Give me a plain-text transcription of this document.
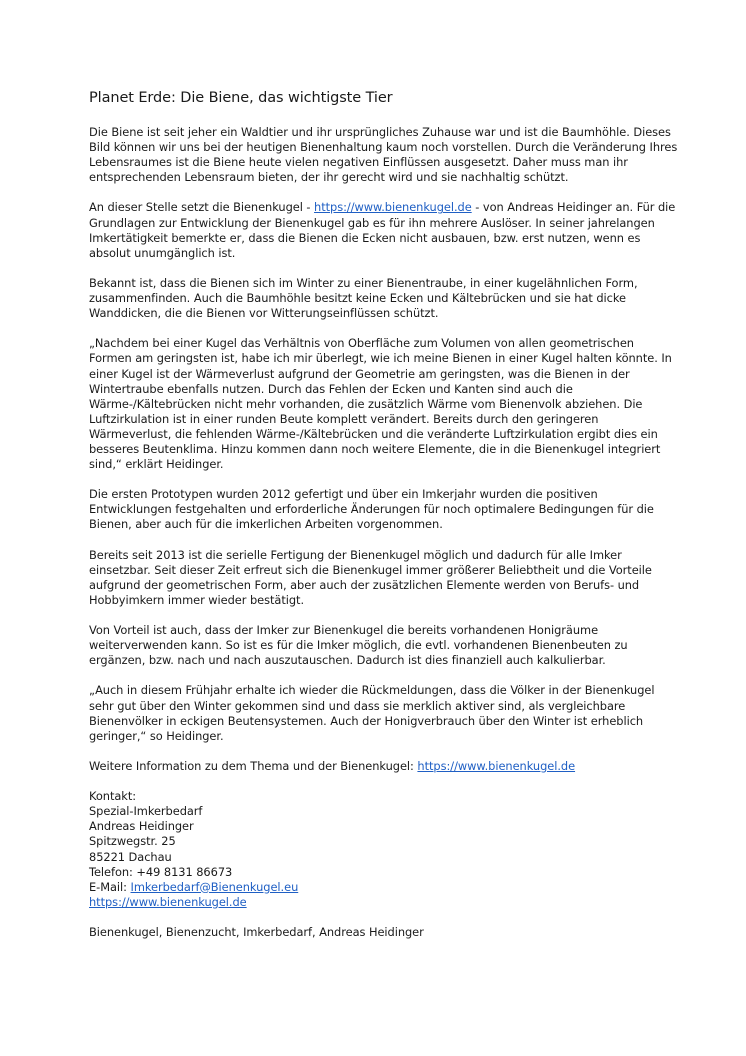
Planet Erde: Die Biene, das wichtigste Tier

Die Biene ist seit jeher ein Waldtier und ihr ursprüngliches Zuhause war und ist die Baumhöhle. Dieses Bild können wir uns bei der heutigen Bienenhaltung kaum noch vorstellen. Durch die Veränderung Ihres Lebensraumes ist die Biene heute vielen negativen Einflüssen ausgesetzt. Daher muss man ihr entsprechenden Lebensraum bieten, der ihr gerecht wird und sie nachhaltig schützt.

An dieser Stelle setzt die Bienenkugel - https://www.bienenkugel.de - von Andreas Heidinger an. Für die Grundlagen zur Entwicklung der Bienenkugel gab es für ihn mehrere Auslöser. In seiner jahrelangen Imkertätigkeit bemerkte er, dass die Bienen die Ecken nicht ausbauen, bzw. erst nutzen, wenn es absolut unumgänglich ist.

Bekannt ist, dass die Bienen sich im Winter zu einer Bienentraube, in einer kugelähnlichen Form, zusammenfinden. Auch die Baumhöhle besitzt keine Ecken und Kältebrücken und sie hat dicke Wanddicken, die die Bienen vor Witterungseinflüssen schützt.

„Nachdem bei einer Kugel das Verhältnis von Oberfläche zum Volumen von allen geometrischen Formen am geringsten ist, habe ich mir überlegt, wie ich meine Bienen in einer Kugel halten könnte. In einer Kugel ist der Wärmeverlust aufgrund der Geometrie am geringsten, was die Bienen in der Wintertraube ebenfalls nutzen. Durch das Fehlen der Ecken und Kanten sind auch die Wärme-/Kältebrücken nicht mehr vorhanden, die zusätzlich Wärme vom Bienenvolk abziehen. Die Luftzirkulation ist in einer runden Beute komplett verändert. Bereits durch den geringeren Wärmeverlust, die fehlenden Wärme-/Kältebrücken und die veränderte Luftzirkulation ergibt dies ein besseres Beutenklima. Hinzu kommen dann noch weitere Elemente, die in die Bienenkugel integriert sind,“ erklärt Heidinger.

Die ersten Prototypen wurden 2012 gefertigt und über ein Imkerjahr wurden die positiven Entwicklungen festgehalten und erforderliche Änderungen für noch optimalere Bedingungen für die Bienen, aber auch für die imkerlichen Arbeiten vorgenommen.

Bereits seit 2013 ist die serielle Fertigung der Bienenkugel möglich und dadurch für alle Imker einsetzbar. Seit dieser Zeit erfreut sich die Bienenkugel immer größerer Beliebtheit und die Vorteile aufgrund der geometrischen Form, aber auch der zusätzlichen Elemente werden von Berufs- und Hobbyimkern immer wieder bestätigt.

Von Vorteil ist auch, dass der Imker zur Bienenkugel die bereits vorhandenen Honigräume weiterverwenden kann. So ist es für die Imker möglich, die evtl. vorhandenen Bienenbeuten zu ergänzen, bzw. nach und nach auszutauschen. Dadurch ist dies finanziell auch kalkulierbar.

„Auch in diesem Frühjahr erhalte ich wieder die Rückmeldungen, dass die Völker in der Bienenkugel sehr gut über den Winter gekommen sind und dass sie merklich aktiver sind, als vergleichbare Bienenvölker in eckigen Beutensystemen. Auch der Honigverbrauch über den Winter ist erheblich geringer,“ so Heidinger.

Weitere Information zu dem Thema und der Bienenkugel: https://www.bienenkugel.de

Kontakt:
Spezial-Imkerbedarf
Andreas Heidinger
Spitzwegstr. 25
85221 Dachau
Telefon: +49 8131 86673
E-Mail: Imkerbedarf@Bienenkugel.eu
https://www.bienenkugel.de

Bienenkugel, Bienenzucht, Imkerbedarf, Andreas Heidinger
